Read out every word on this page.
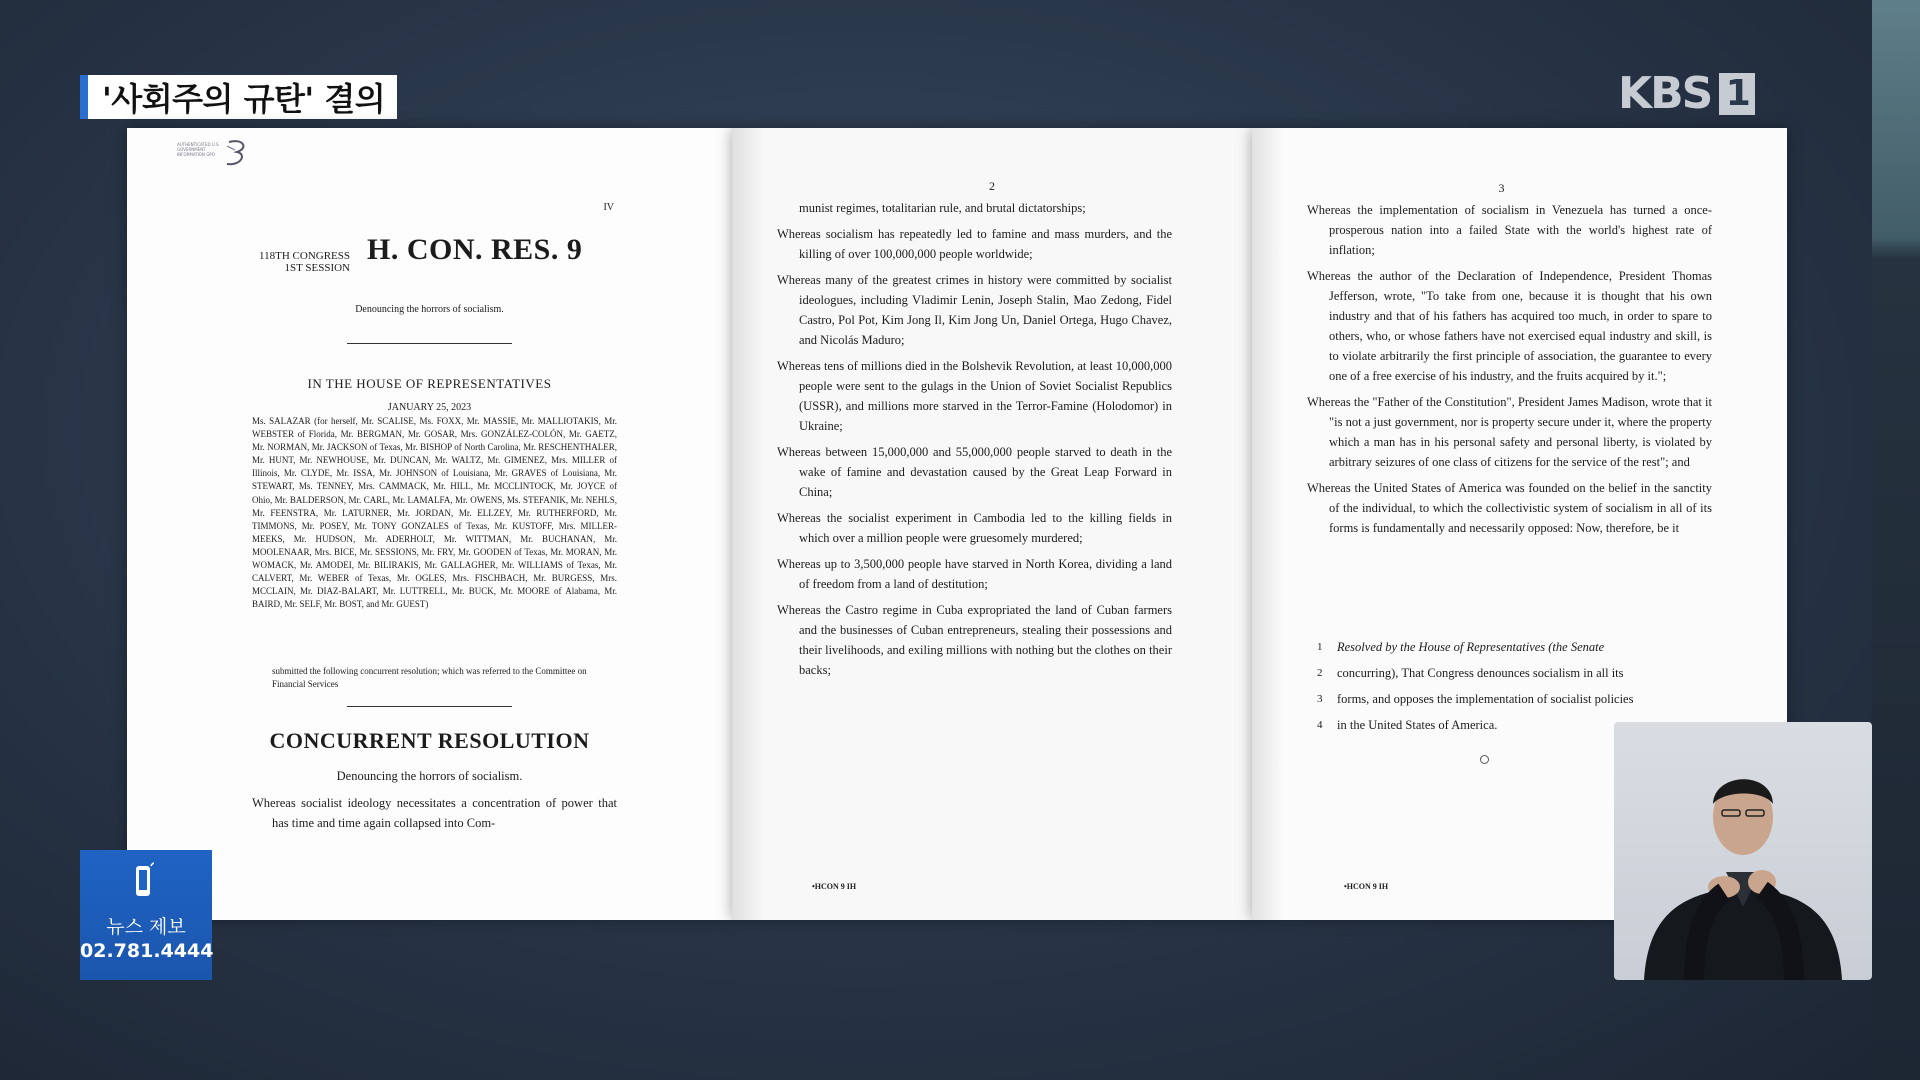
'사회주의 규탄' 결의	KBS 1
AUTHENTICATED U.S. GOVERNMENT INFORMATION GPO
IV
118TH CONGRESS
1ST SESSION
H. CON. RES. 9
Denouncing the horrors of socialism.
IN THE HOUSE OF REPRESENTATIVES
JANUARY 25, 2023
Ms. SALAZAR (for herself, Mr. SCALISE, Ms. FOXX, Mr. MASSIE, Mr. MALLIOTAKIS, Mr. WEBSTER of Florida, Mr. BERGMAN, Mr. GOSAR, Mrs. GONZÁLEZ-COLÓN, Mr. GAETZ, Mr. NORMAN, Mr. JACKSON of Texas, Mr. BISHOP of North Carolina, Mr. RESCHENTHALER, Mr. HUNT, Mr. NEWHOUSE, Mr. DUNCAN, Mr. WALTZ, Mr. GIMENEZ, Mrs. MILLER of Illinois, Mr. CLYDE, Mr. ISSA, Mr. JOHNSON of Louisiana, Mr. GRAVES of Louisiana, Mr. STEWART, Ms. TENNEY, Mrs. CAMMACK, Mr. HILL, Mr. MCCLINTOCK, Mr. JOYCE of Ohio, Mr. BALDERSON, Mr. CARL, Mr. LAMALFA, Mr. OWENS, Ms. STEFANIK, Mr. NEHLS, Mr. FEENSTRA, Mr. LATURNER, Mr. JORDAN, Mr. ELLZEY, Mr. RUTHERFORD, Mr. TIMMONS, Mr. POSEY, Mr. TONY GONZALES of Texas, Mr. KUSTOFF, Mrs. MILLER-MEEKS, Mr. HUDSON, Mr. ADERHOLT, Mr. WITTMAN, Mr. BUCHANAN, Mr. MOOLENAAR, Mrs. BICE, Mr. SESSIONS, Mr. FRY, Mr. GOODEN of Texas, Mr. MORAN, Mr. WOMACK, Mr. AMODEI, Mr. BILIRAKIS, Mr. GALLAGHER, Mr. WILLIAMS of Texas, Mr. CALVERT, Mr. WEBER of Texas, Mr. OGLES, Mrs. FISCHBACH, Mr. BURGESS, Mrs. MCCLAIN, Mr. DIAZ-BALART, Mr. LUTTRELL, Mr. BUCK, Mr. MOORE of Alabama, Mr. BAIRD, Mr. SELF, Mr. BOST, and Mr. GUEST)
submitted the following concurrent resolution; which was referred to the Committee on Financial Services
CONCURRENT RESOLUTION
Denouncing the horrors of socialism.
Whereas socialist ideology necessitates a concentration of power that has time and time again collapsed into Com-
2
munist regimes, totalitarian rule, and brutal dictatorships;
Whereas socialism has repeatedly led to famine and mass murders, and the killing of over 100,000,000 people worldwide;
Whereas many of the greatest crimes in history were committed by socialist ideologues, including Vladimir Lenin, Joseph Stalin, Mao Zedong, Fidel Castro, Pol Pot, Kim Jong Il, Kim Jong Un, Daniel Ortega, Hugo Chavez, and Nicolás Maduro;
Whereas tens of millions died in the Bolshevik Revolution, at least 10,000,000 people were sent to the gulags in the Union of Soviet Socialist Republics (USSR), and millions more starved in the Terror-Famine (Holodomor) in Ukraine;
Whereas between 15,000,000 and 55,000,000 people starved to death in the wake of famine and devastation caused by the Great Leap Forward in China;
Whereas the socialist experiment in Cambodia led to the killing fields in which over a million people were gruesomely murdered;
Whereas up to 3,500,000 people have starved in North Korea, dividing a land of freedom from a land of destitution;
Whereas the Castro regime in Cuba expropriated the land of Cuban farmers and the businesses of Cuban entrepreneurs, stealing their possessions and their livelihoods, and exiling millions with nothing but the clothes on their backs;
•HCON 9 IH
3
Whereas the implementation of socialism in Venezuela has turned a once-prosperous nation into a failed State with the world's highest rate of inflation;
Whereas the author of the Declaration of Independence, President Thomas Jefferson, wrote, "To take from one, because it is thought that his own industry and that of his fathers has acquired too much, in order to spare to others, who, or whose fathers have not exercised equal industry and skill, is to violate arbitrarily the first principle of association, the guarantee to every one of a free exercise of his industry, and the fruits acquired by it.";
Whereas the "Father of the Constitution", President James Madison, wrote that it "is not a just government, nor is property secure under it, where the property which a man has in his personal safety and personal liberty, is violated by arbitrary seizures of one class of citizens for the service of the rest"; and
Whereas the United States of America was founded on the belief in the sanctity of the individual, to which the collectivistic system of socialism in all of its forms is fundamentally and necessarily opposed: Now, therefore, be it
1	Resolved by the House of Representatives (the Senate
2	concurring), That Congress denounces socialism in all its
3	forms, and opposes the implementation of socialist policies
4	in the United States of America.
•HCON 9 IH
뉴스 제보
02.781.4444
